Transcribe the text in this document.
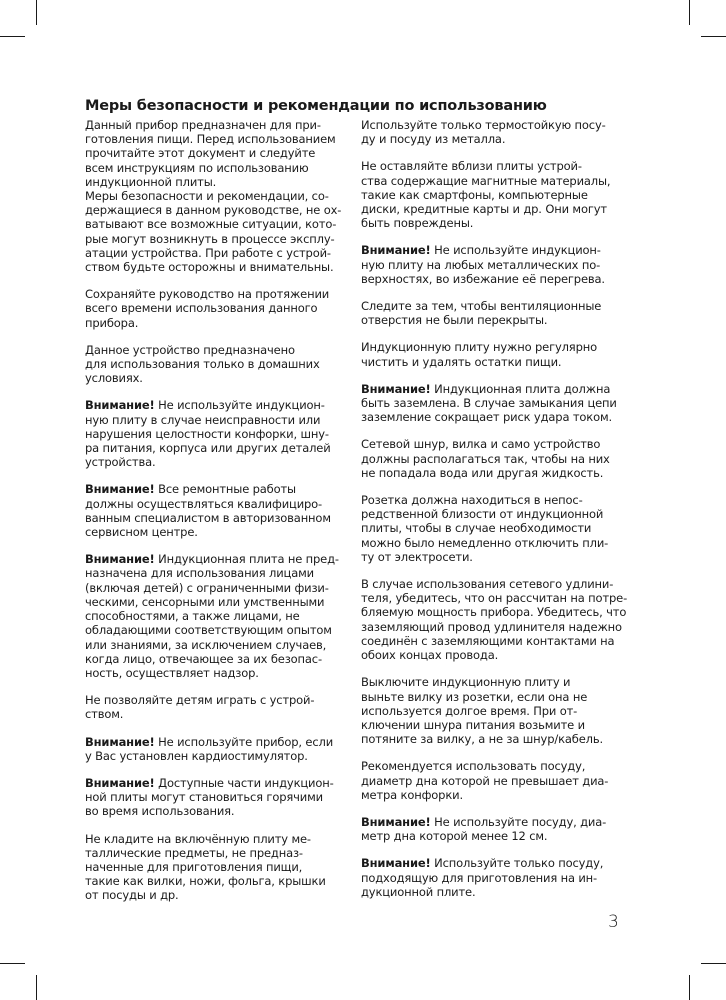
Меры безопасности и рекомендации по использованию

Данный прибор предназначен для при-
готовления пищи. Перед использованием
прочитайте этот документ и следуйте
всем инструкциям по использованию
индукционной плиты.
Меры безопасности и рекомендации, со-
держащиеся в данном руководстве, не ох-
ватывают все возможные ситуации, кото-
рые могут возникнуть в процессе эксплу-
атации устройства. При работе с устрой-
ством будьте осторожны и внимательны.

Сохраняйте руководство на протяжении
всего времени использования данного
прибора.

Данное устройство предназначено
для использования только в домашних
условиях.

Внимание! Не используйте индукцион-
ную плиту в случае неисправности или
нарушения целостности конфорки, шну-
ра питания, корпуса или других деталей
устройства.

Внимание! Все ремонтные работы
должны осуществляться квалифициро-
ванным специалистом в авторизованном
сервисном центре.

Внимание! Индукционная плита не пред-
назначена для использования лицами
(включая детей) с ограниченными физи-
ческими, сенсорными или умственными
способностями, а также лицами, не
обладающими соответствующим опытом
или знаниями, за исключением случаев,
когда лицо, отвечающее за их безопас-
ность, осуществляет надзор.

Не позволяйте детям играть с устрой-
ством.

Внимание! Не используйте прибор, если
у Вас установлен кардиостимулятор.

Внимание! Доступные части индукцион-
ной плиты могут становиться горячими
во время использования.

Не кладите на включённую плиту ме-
таллические предметы, не предназ-
наченные для приготовления пищи,
такие как вилки, ножи, фольга, крышки
от посуды и др.

Используйте только термостойкую посу-
ду и посуду из металла.

Не оставляйте вблизи плиты устрой-
ства содержащие магнитные материалы,
такие как смартфоны, компьютерные
диски, кредитные карты и др. Они могут
быть повреждены.

Внимание! Не используйте индукцион-
ную плиту на любых металлических по-
верхностях, во избежание её перегрева.

Следите за тем, чтобы вентиляционные
отверстия не были перекрыты.

Индукционную плиту нужно регулярно
чистить и удалять остатки пищи.

Внимание! Индукционная плита должна
быть заземлена. В случае замыкания цепи
заземление сокращает риск удара током.

Сетевой шнур, вилка и само устройство
должны располагаться так, чтобы на них
не попадала вода или другая жидкость.

Розетка должна находиться в непос-
редственной близости от индукционной
плиты, чтобы в случае необходимости
можно было немедленно отключить пли-
ту от электросети.

В случае использования сетевого удлини-
теля, убедитесь, что он рассчитан на потре-
бляемую мощность прибора. Убедитесь, что
заземляющий провод удлинителя надежно
соединён с заземляющими контактами на
обоих концах провода.

Выключите индукционную плиту и
выньте вилку из розетки, если она не
используется долгое время. При от-
ключении шнура питания возьмите и
потяните за вилку, а не за шнур/кабель.

Рекомендуется использовать посуду,
диаметр дна которой не превышает диа-
метра конфорки.

Внимание! Не используйте посуду, диа-
метр дна которой менее 12 см.

Внимание! Используйте только посуду,
подходящую для приготовления на ин-
дукционной плите.

3
